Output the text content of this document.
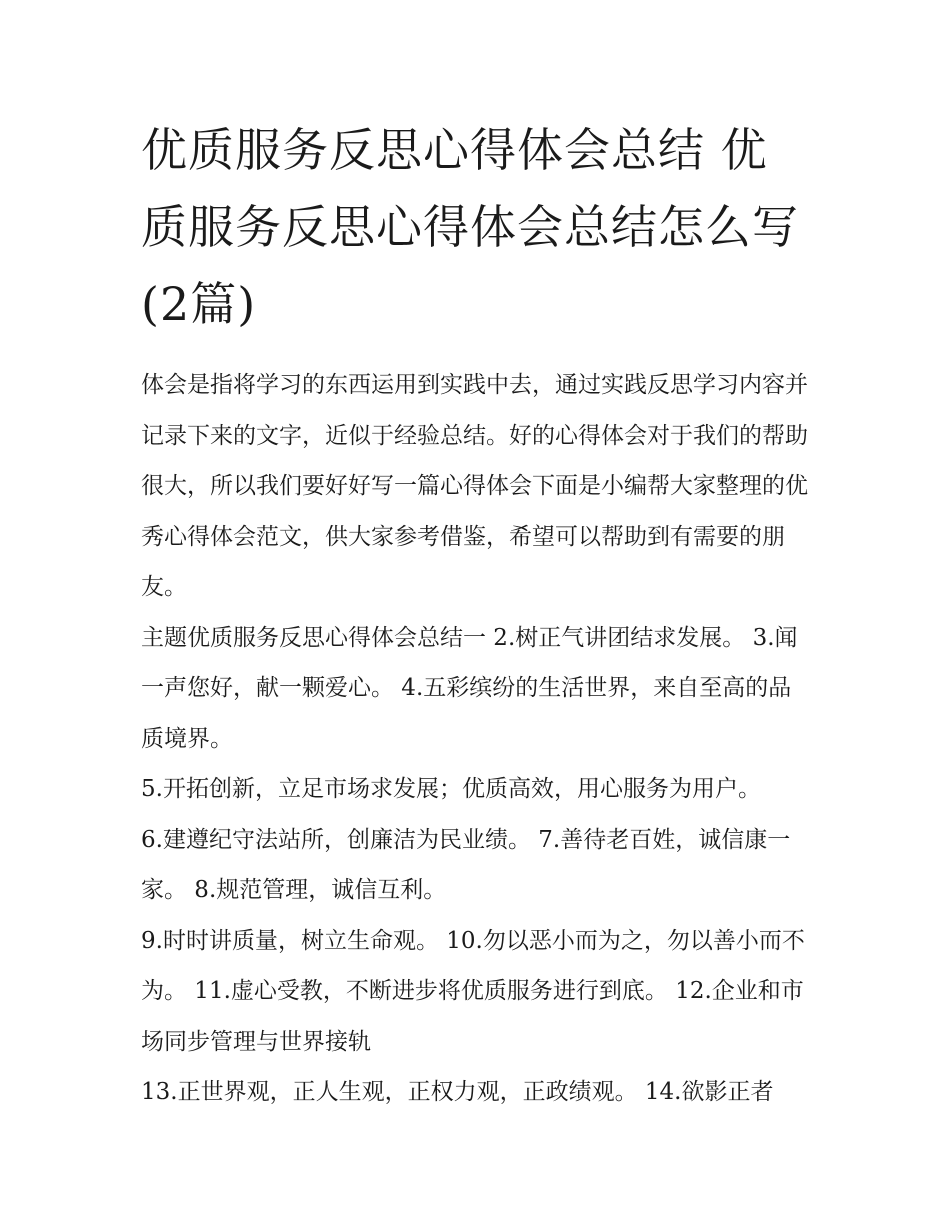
优质服务反思心得体会总结 优质服务反思心得体会总结怎么写(2篇)

体会是指将学习的东西运用到实践中去，通过实践反思学习内容并记录下来的文字，近似于经验总结。好的心得体会对于我们的帮助很大，所以我们要好好写一篇心得体会下面是小编帮大家整理的优秀心得体会范文，供大家参考借鉴，希望可以帮助到有需要的朋友。

主题优质服务反思心得体会总结一 2.树正气讲团结求发展。 3.闻一声您好，献一颗爱心。 4.五彩缤纷的生活世界，来自至高的品质境界。

5.开拓创新，立足市场求发展；优质高效，用心服务为用户。

6.建遵纪守法站所，创廉洁为民业绩。 7.善待老百姓，诚信康一家。 8.规范管理，诚信互利。

9.时时讲质量，树立生命观。 10.勿以恶小而为之，勿以善小而不为。 11.虚心受教，不断进步将优质服务进行到底。 12.企业和市场同步管理与世界接轨

13.正世界观，正人生观，正权力观，正政绩观。 14.欲影正者
